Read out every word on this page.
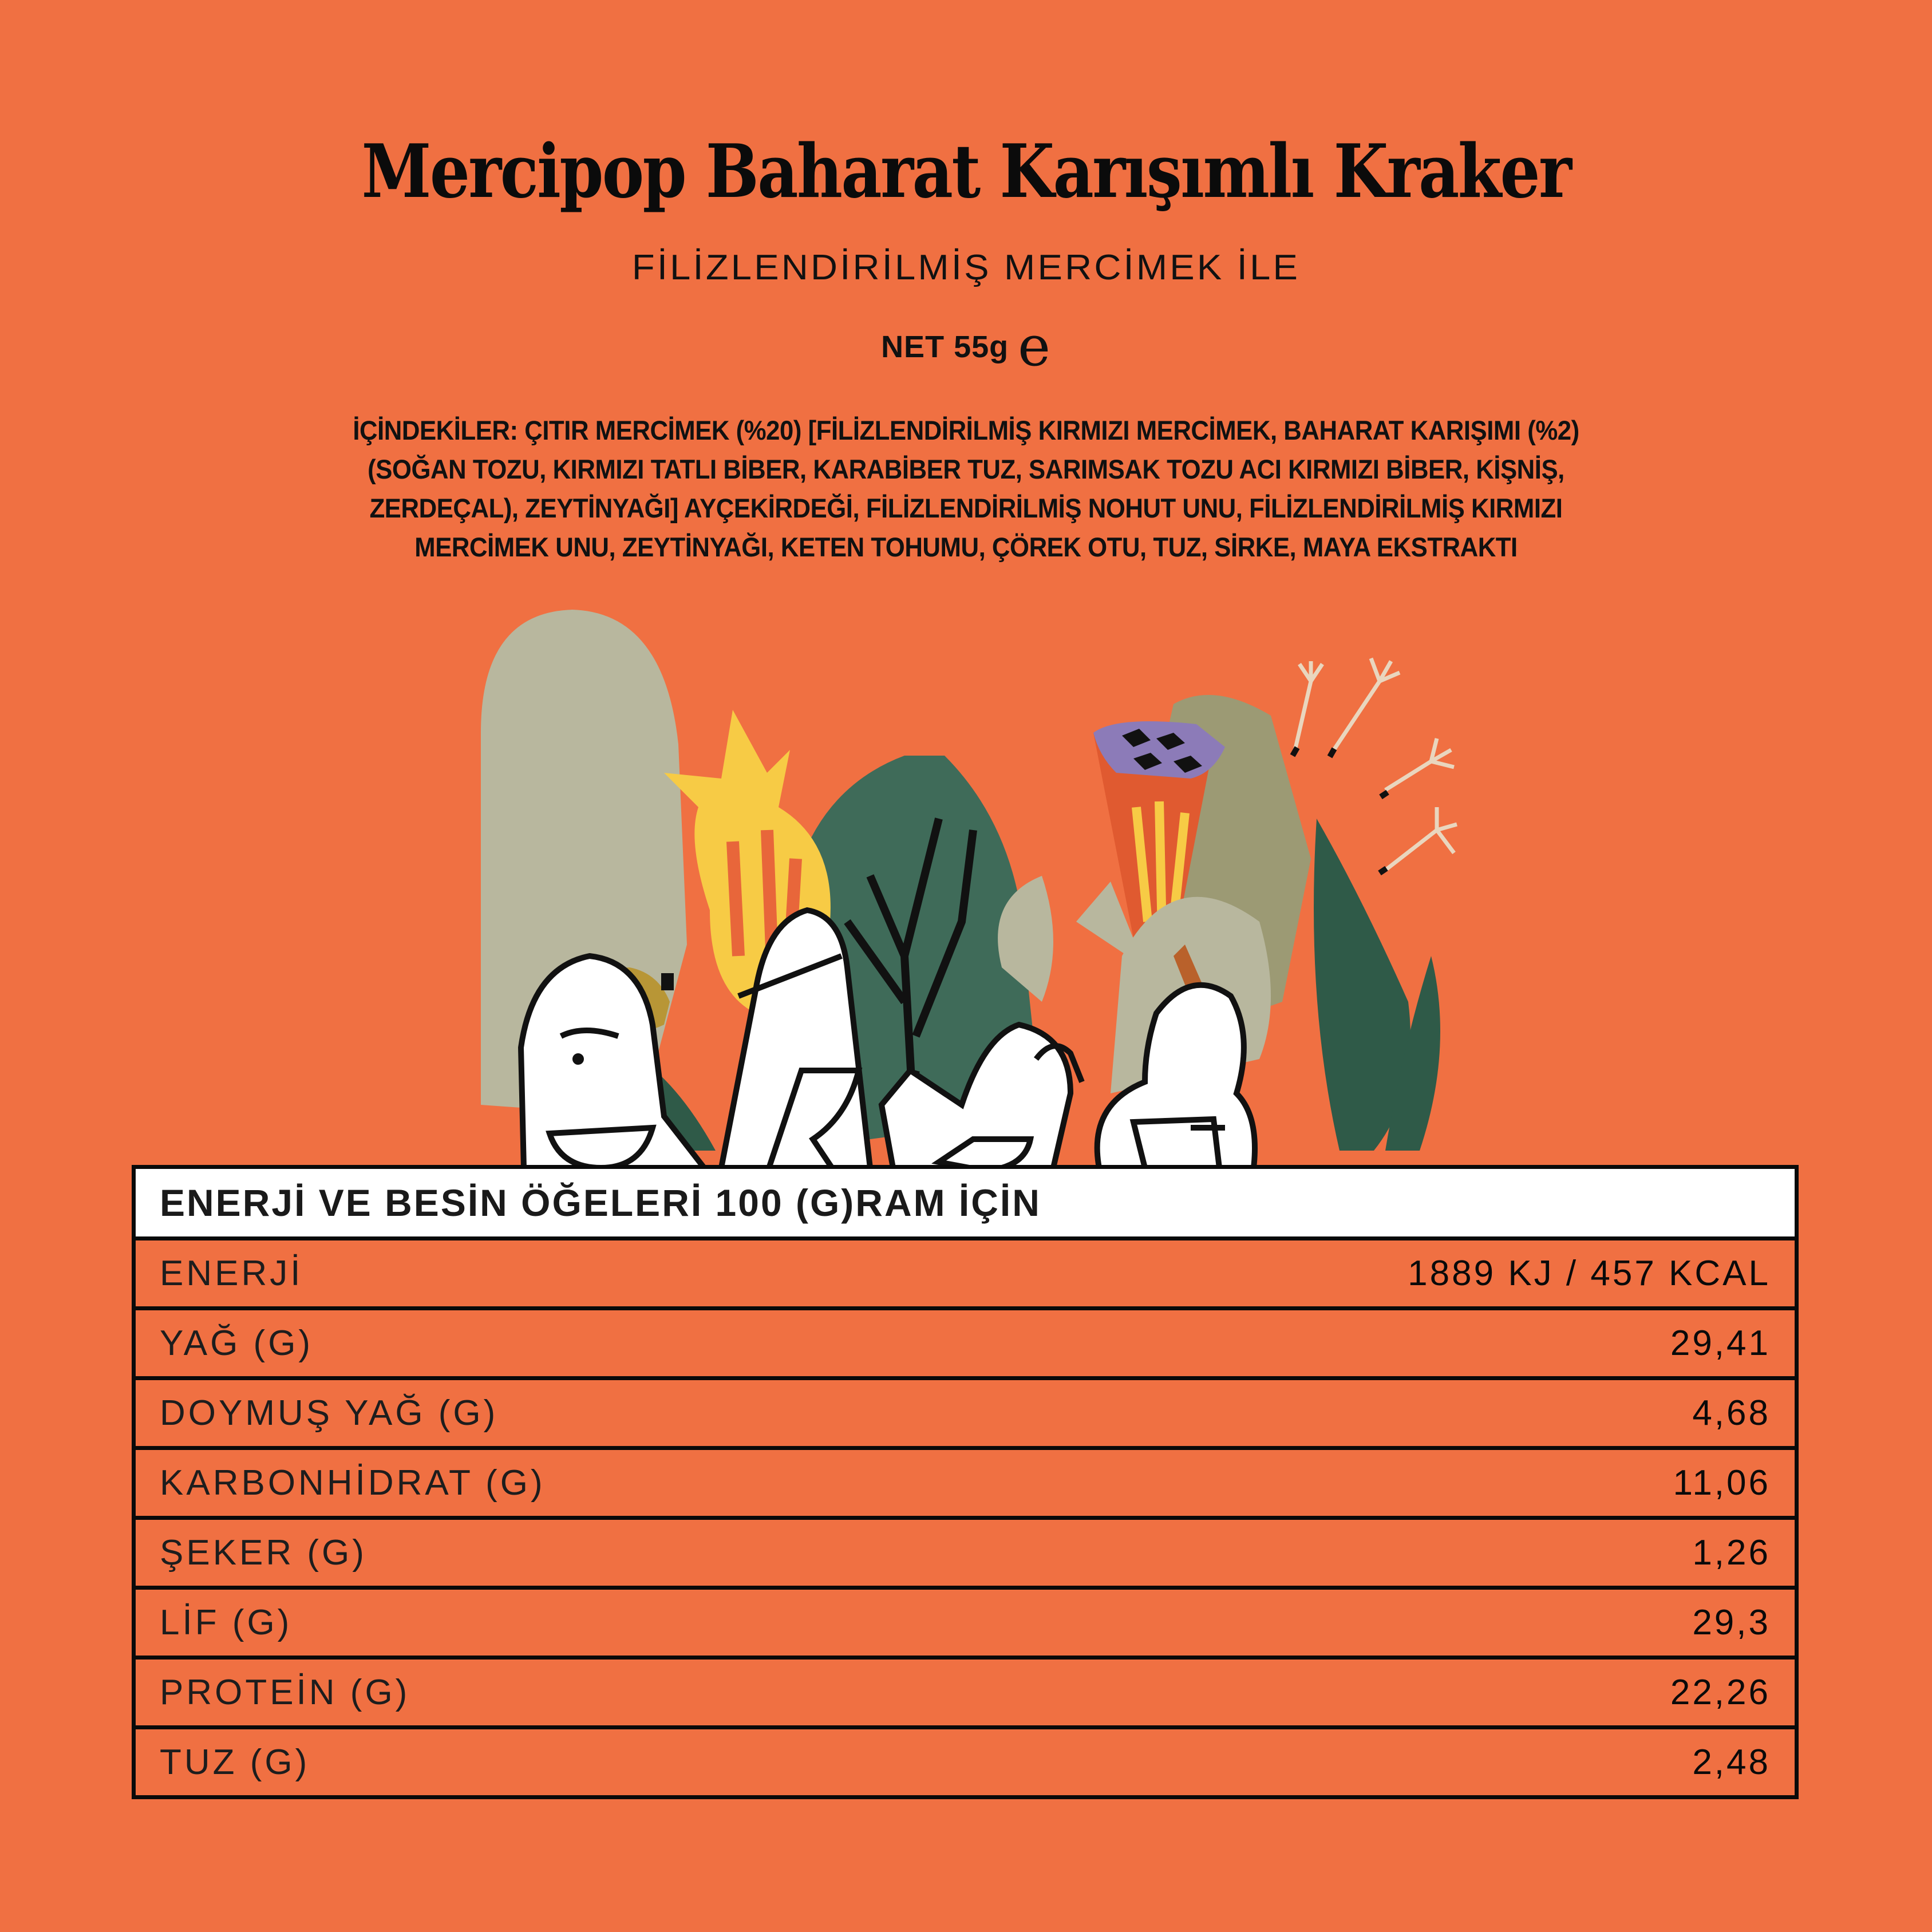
Mercipop Baharat Karışımlı Kraker
FİLİZLENDİRİLMİŞ MERCİMEK İLE
NET 55g e
İÇİNDEKİLER: ÇITIR MERCİMEK (%20) [FİLİZLENDİRİLMİŞ KIRMIZI MERCİMEK, BAHARAT KARIŞIMI (%2)
(SOĞAN TOZU, KIRMIZI TATLI BİBER, KARABİBER TUZ, SARIMSAK TOZU ACI KIRMIZI BİBER, KİŞNİŞ,
ZERDEÇAL), ZEYTİNYAĞI] AYÇEKİRDEĞİ, FİLİZLENDİRİLMİŞ NOHUT UNU, FİLİZLENDİRİLMİŞ KIRMIZI
MERCİMEK UNU, ZEYTİNYAĞI, KETEN TOHUMU, ÇÖREK OTU, TUZ, SİRKE, MAYA EKSTRAKTI
ENERJİ VE BESİN ÖĞELERİ 100 (G)RAM İÇİN
ENERJİ	1889 KJ / 457 KCAL
YAĞ (G)	29,41
DOYMUŞ YAĞ (G)	4,68
KARBONHİDRAT (G)	11,06
ŞEKER (G)	1,26
LİF (G)	29,3
PROTEİN (G)	22,26
TUZ (G)	2,48
